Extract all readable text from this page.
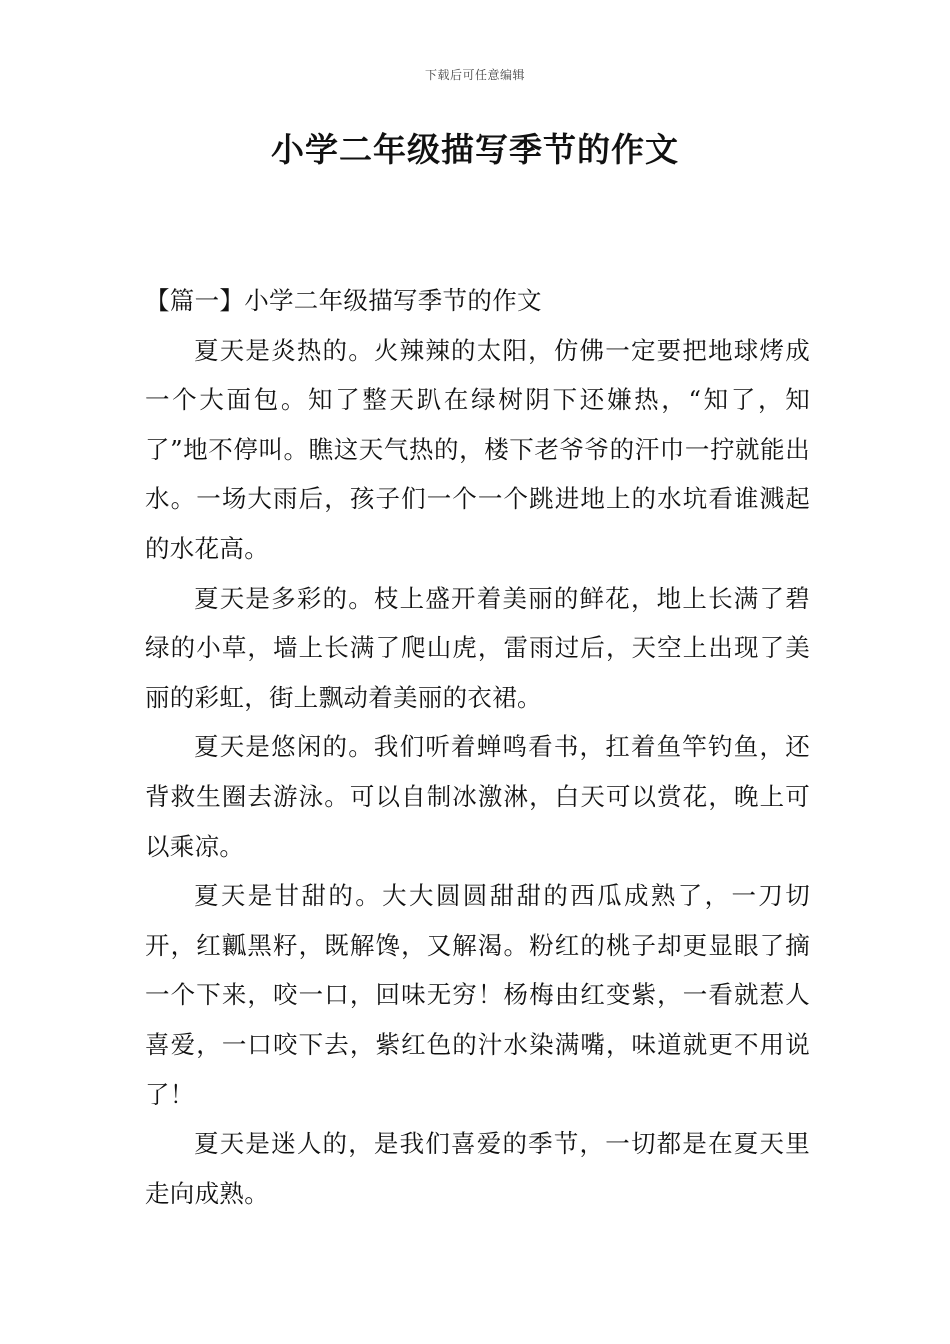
下载后可任意编辑
小学二年级描写季节的作文
【篇一】小学二年级描写季节的作文

夏天是炎热的。火辣辣的太阳，仿佛一定要把地球烤成一个大面包。知了整天趴在绿树阴下还嫌热，“知了，知了”地不停叫。瞧这天气热的，楼下老爷爷的汗巾一拧就能出水。一场大雨后，孩子们一个一个跳进地上的水坑看谁溅起的水花高。

夏天是多彩的。枝上盛开着美丽的鲜花，地上长满了碧绿的小草，墙上长满了爬山虎，雷雨过后，天空上出现了美丽的彩虹，街上飘动着美丽的衣裙。

夏天是悠闲的。我们听着蝉鸣看书，扛着鱼竿钓鱼，还背救生圈去游泳。可以自制冰激淋，白天可以赏花，晚上可以乘凉。

夏天是甘甜的。大大圆圆甜甜的西瓜成熟了，一刀切开，红瓤黑籽，既解馋，又解渴。粉红的桃子却更显眼了摘一个下来，咬一口，回味无穷！杨梅由红变紫，一看就惹人喜爱，一口咬下去，紫红色的汁水染满嘴，味道就更不用说了！

夏天是迷人的，是我们喜爱的季节，一切都是在夏天里走向成熟。
